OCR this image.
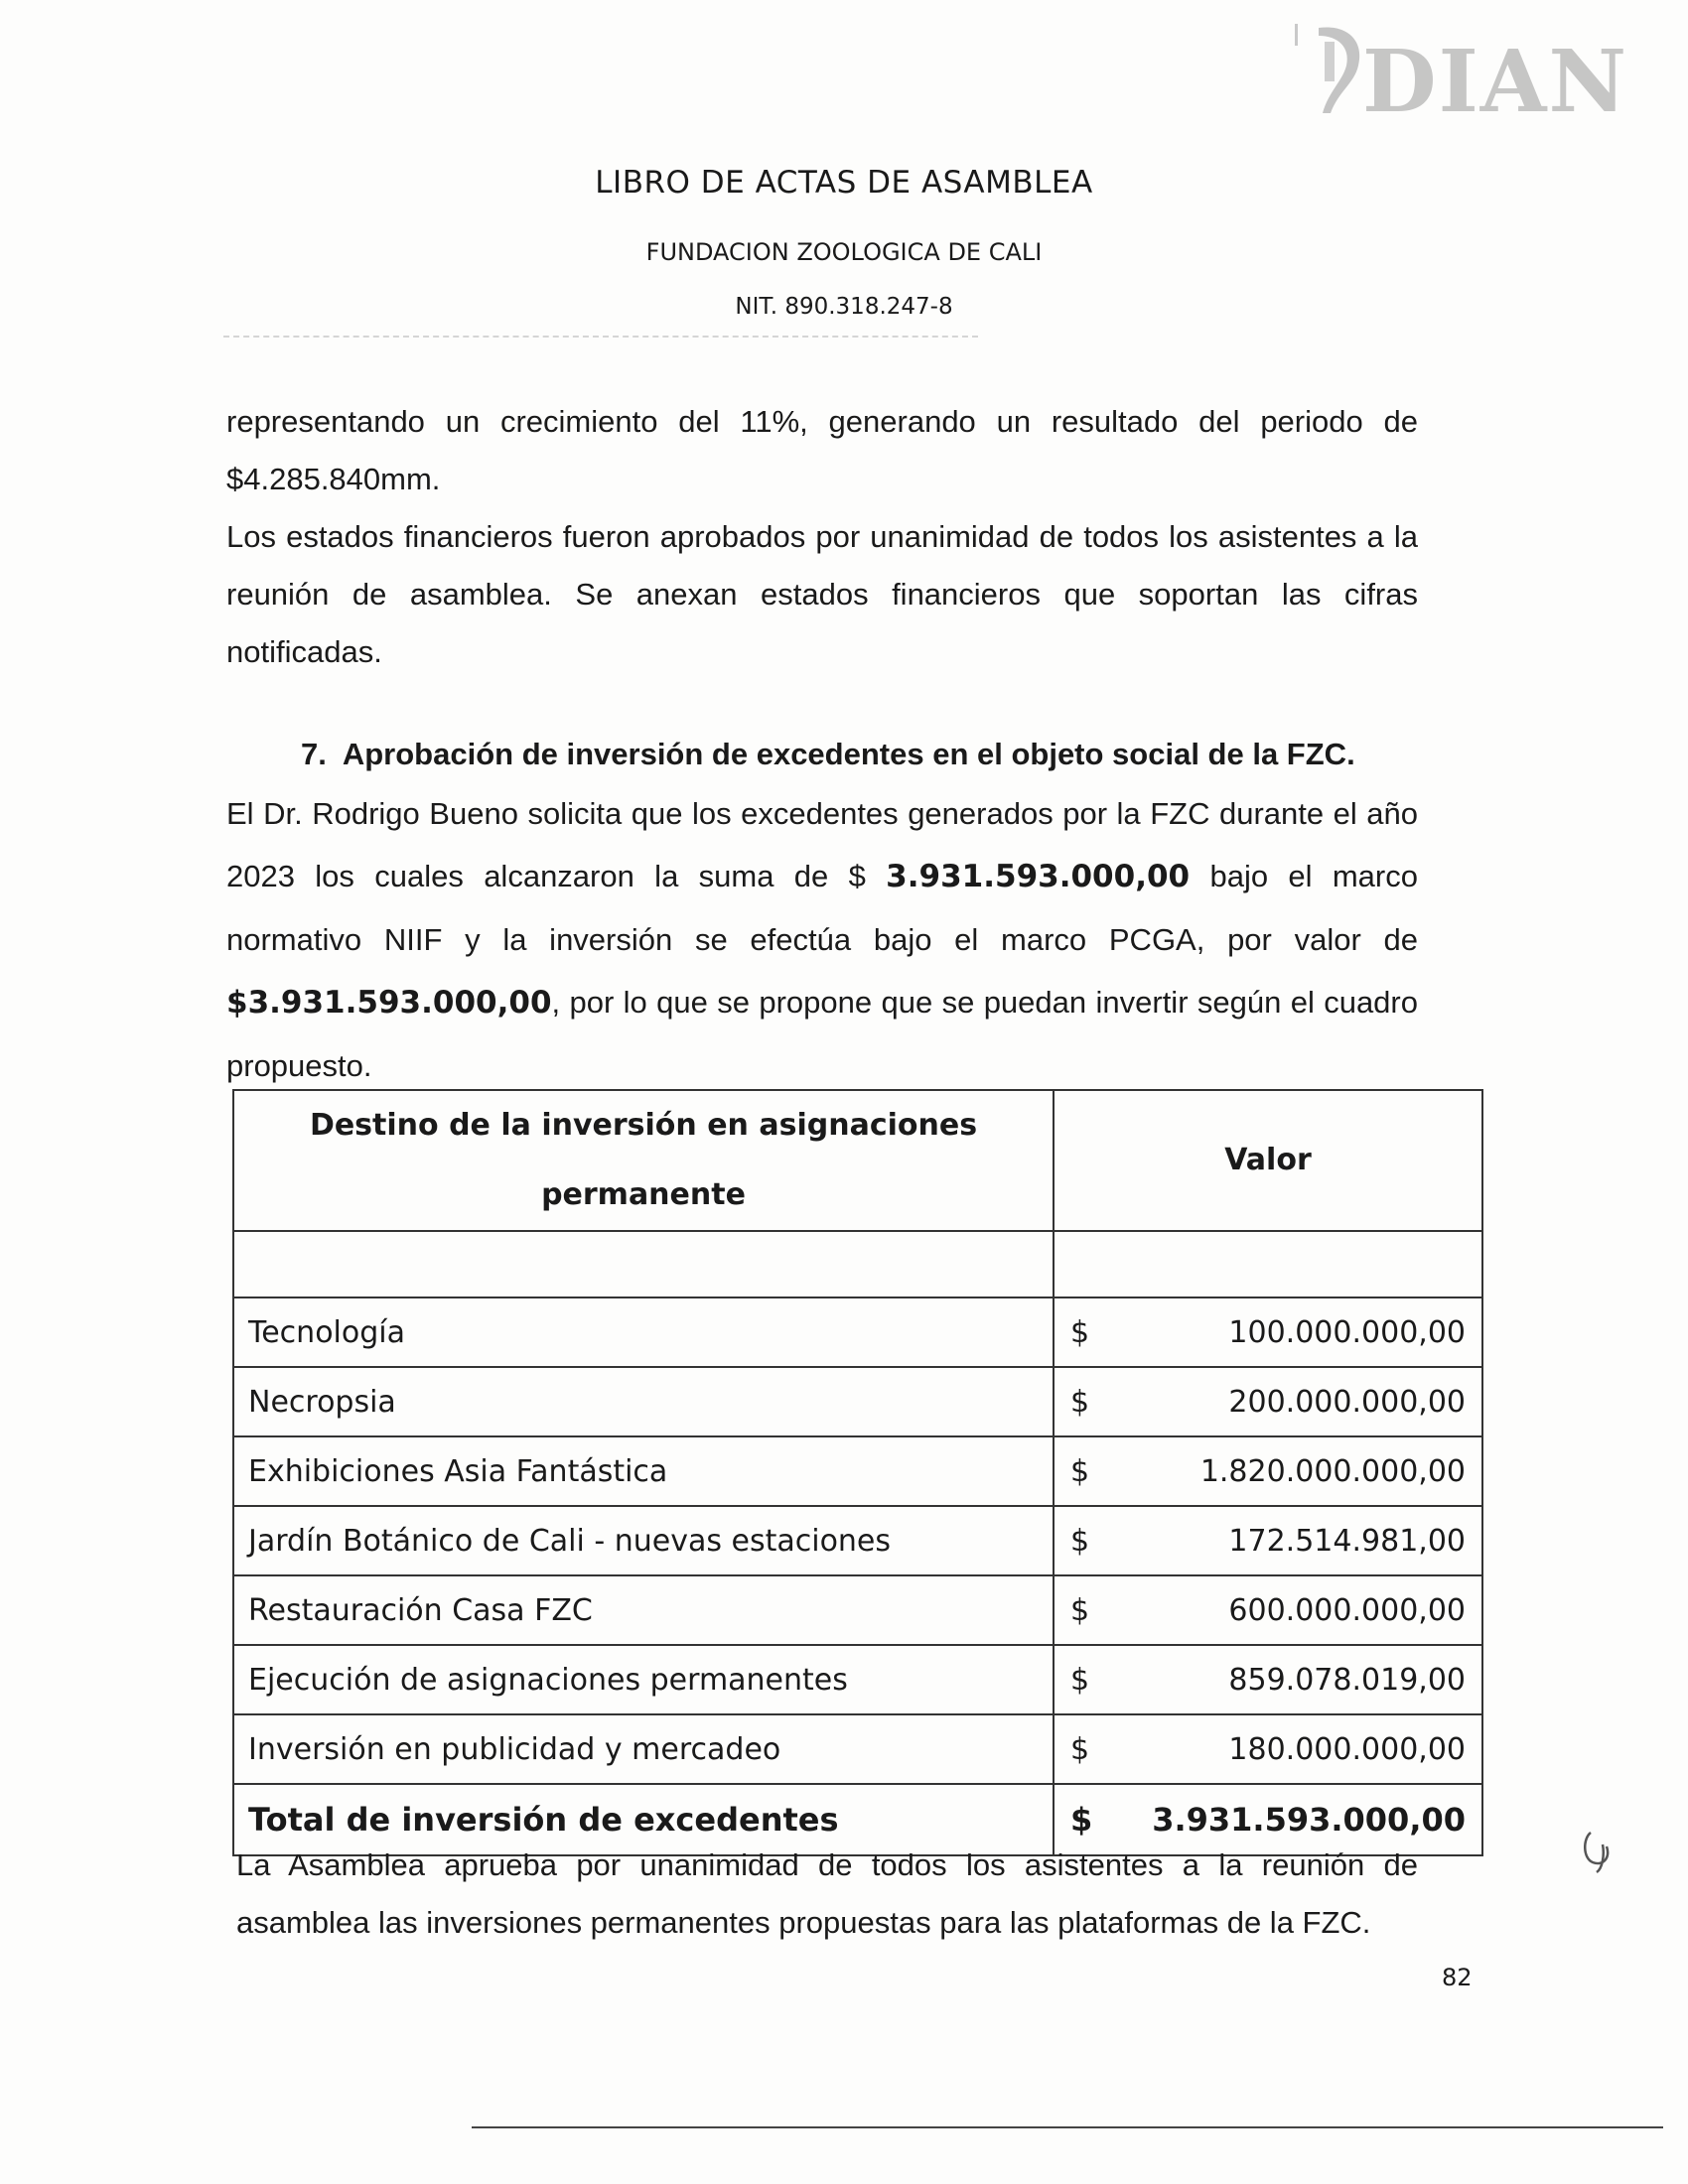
DIAN
LIBRO DE ACTAS DE ASAMBLEA
FUNDACION ZOOLOGICA DE CALI
NIT. 890.318.247-8
representando un crecimiento del 11%, generando un resultado del periodo de $4.285.840mm.
Los estados financieros fueron aprobados por unanimidad de todos los asistentes a la reunión de asamblea. Se anexan estados financieros que soportan las cifras notificadas.
7. Aprobación de inversión de excedentes en el objeto social de la FZC.
El Dr. Rodrigo Bueno solicita que los excedentes generados por la FZC durante el año 2023 los cuales alcanzaron la suma de $ 3.931.593.000,00 bajo el marco normativo NIIF y la inversión se efectúa bajo el marco PCGA, por valor de $3.931.593.000,00, por lo que se propone que se puedan invertir según el cuadro propuesto.
Destino de la inversión en asignaciones permanente	Valor

Tecnología	$ 100.000.000,00

Necropsia	$ 200.000.000,00

Exhibiciones Asia Fantástica	$ 1.820.000.000,00

Jardín Botánico de Cali - nuevas estaciones	$ 172.514.981,00

Restauración Casa FZC	$ 600.000.000,00

Ejecución de asignaciones permanentes	$ 859.078.019,00

Inversión en publicidad y mercadeo	$ 180.000.000,00

Total de inversión de excedentes	$ 3.931.593.000,00
La Asamblea aprueba por unanimidad de todos los asistentes a la reunión de asamblea las inversiones permanentes propuestas para las plataformas de la FZC.
82
